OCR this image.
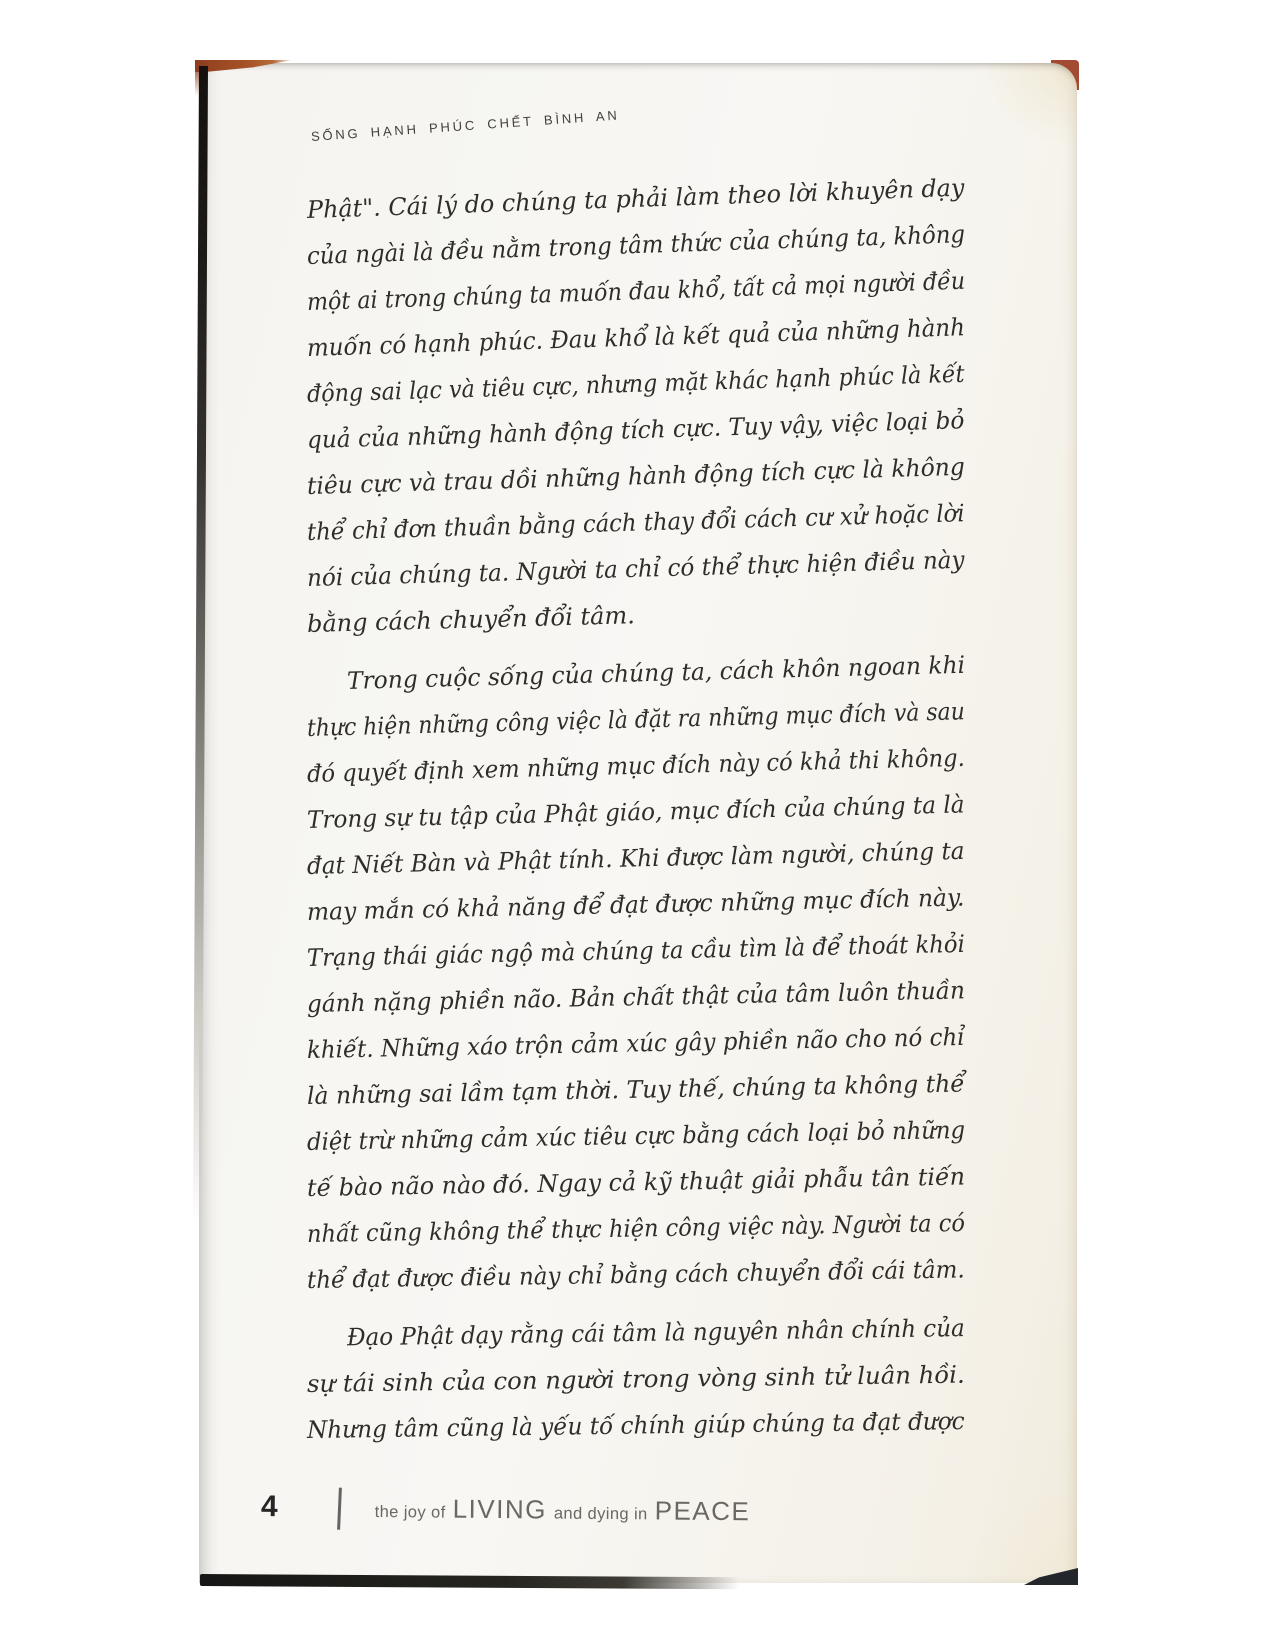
SỐNG HẠNH PHÚC CHẾT BÌNH AN
Phật". Cái lý do chúng ta phải làm theo lời khuyên dạy
của ngài là đều nằm trong tâm thức của chúng ta, không
một ai trong chúng ta muốn đau khổ, tất cả mọi người đều
muốn có hạnh phúc. Đau khổ là kết quả của những hành
động sai lạc và tiêu cực, nhưng mặt khác hạnh phúc là kết
quả của những hành động tích cực. Tuy vậy, việc loại bỏ
tiêu cực và trau dồi những hành động tích cực là không
thể chỉ đơn thuần bằng cách thay đổi cách cư xử hoặc lời
nói của chúng ta. Người ta chỉ có thể thực hiện điều này
bằng cách chuyển đổi tâm.
Trong cuộc sống của chúng ta, cách khôn ngoan khi
thực hiện những công việc là đặt ra những mục đích và sau
đó quyết định xem những mục đích này có khả thi không.
Trong sự tu tập của Phật giáo, mục đích của chúng ta là
đạt Niết Bàn và Phật tính. Khi được làm người, chúng ta
may mắn có khả năng để đạt được những mục đích này.
Trạng thái giác ngộ mà chúng ta cầu tìm là để thoát khỏi
gánh nặng phiền não. Bản chất thật của tâm luôn thuần
khiết. Những xáo trộn cảm xúc gây phiền não cho nó chỉ
là những sai lầm tạm thời. Tuy thế, chúng ta không thể
diệt trừ những cảm xúc tiêu cực bằng cách loại bỏ những
tế bào não nào đó. Ngay cả kỹ thuật giải phẫu tân tiến
nhất cũng không thể thực hiện công việc này. Người ta có
thể đạt được điều này chỉ bằng cách chuyển đổi cái tâm.
Đạo Phật dạy rằng cái tâm là nguyên nhân chính của
sự tái sinh của con người trong vòng sinh tử luân hồi.
Nhưng tâm cũng là yếu tố chính giúp chúng ta đạt được
4	the joy of LIVING and dying in PEACE
